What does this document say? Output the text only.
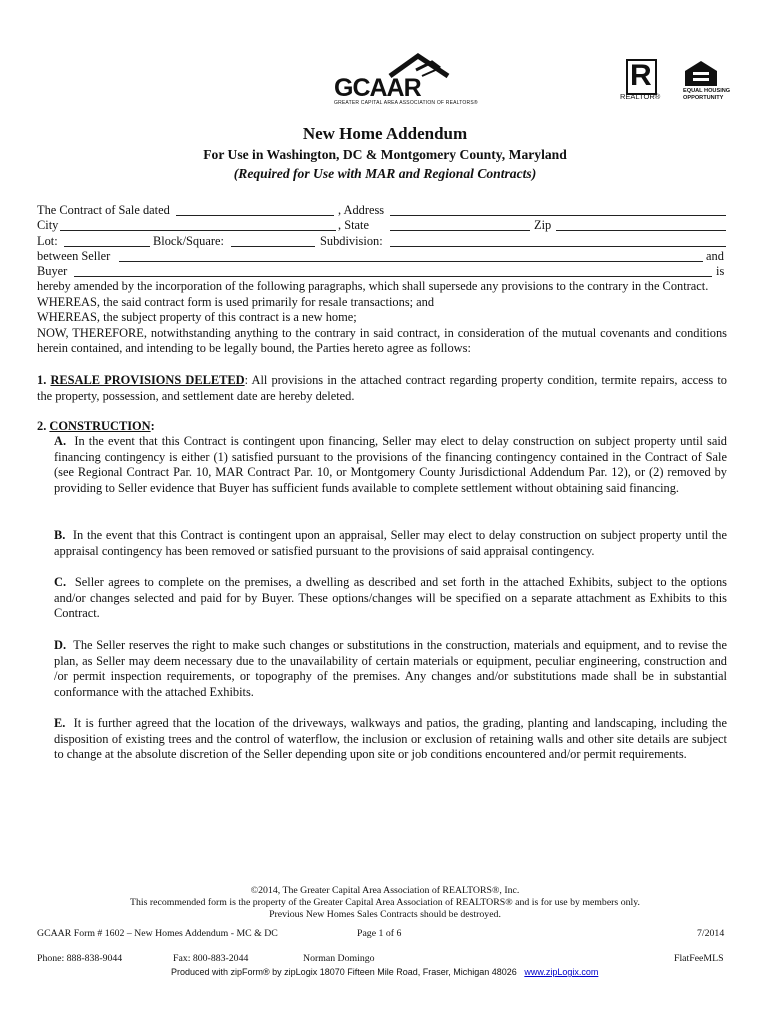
GCAAR
GREATER CAPITAL AREA ASSOCIATION OF REALTORS®
R
REALTOR®
EQUAL HOUSING
OPPORTUNITY
New Home Addendum
For Use in Washington, DC & Montgomery County, Maryland
(Required for Use with MAR and Regional Contracts)
The Contract of Sale dated	, Address
City	, State	Zip
Lot:	Block/Square:	Subdivision:
between Seller	and
Buyer	is
hereby amended by the incorporation of the following paragraphs, which shall supersede any provisions to the contrary in the Contract.
WHEREAS, the said contract form is used primarily for resale transactions; and
WHEREAS, the subject property of this contract is a new home;
NOW, THEREFORE, notwithstanding anything to the contrary in said contract, in consideration of the mutual covenants and conditions herein contained, and intending to be legally bound, the Parties hereto agree as follows:
1. RESALE PROVISIONS DELETED: All provisions in the attached contract regarding property condition, termite repairs, access to the property, possession, and settlement date are hereby deleted.
2. CONSTRUCTION:
A. In the event that this Contract is contingent upon financing, Seller may elect to delay construction on subject property until said financing contingency is either (1) satisfied pursuant to the provisions of the financing contingency contained in the Contract of Sale (see Regional Contract Par. 10, MAR Contract Par. 10, or Montgomery County Jurisdictional Addendum Par. 12), or (2) removed by providing to Seller evidence that Buyer has sufficient funds available to complete settlement without obtaining said financing.
B. In the event that this Contract is contingent upon an appraisal, Seller may elect to delay construction on subject property until the appraisal contingency has been removed or satisfied pursuant to the provisions of said appraisal contingency.
C. Seller agrees to complete on the premises, a dwelling as described and set forth in the attached Exhibits, subject to the options and/or changes selected and paid for by Buyer. These options/changes will be specified on a separate attachment as Exhibits to this Contract.
D. The Seller reserves the right to make such changes or substitutions in the construction, materials and equipment, and to revise the plan, as Seller may deem necessary due to the unavailability of certain materials or equipment, peculiar engineering, construction and /or permit inspection requirements, or topography of the premises. Any changes and/or substitutions made shall be in substantial conformance with the attached Exhibits.
E. It is further agreed that the location of the driveways, walkways and patios, the grading, planting and landscaping, including the disposition of existing trees and the control of waterflow, the inclusion or exclusion of retaining walls and other site details are subject to change at the absolute discretion of the Seller depending upon site or job conditions encountered and/or permit requirements.
©2014, The Greater Capital Area Association of REALTORS®, Inc.
This recommended form is the property of the Greater Capital Area Association of REALTORS® and is for use by members only.
Previous New Homes Sales Contracts should be destroyed.
GCAAR Form # 1602 – New Homes Addendum - MC & DC	Page 1 of 6	7/2014
Phone: 888-838-9044	Fax: 800-883-2044	Norman Domingo	FlatFeeMLS
Produced with zipForm® by zipLogix 18070 Fifteen Mile Road, Fraser, Michigan 48026 www.zipLogix.com
